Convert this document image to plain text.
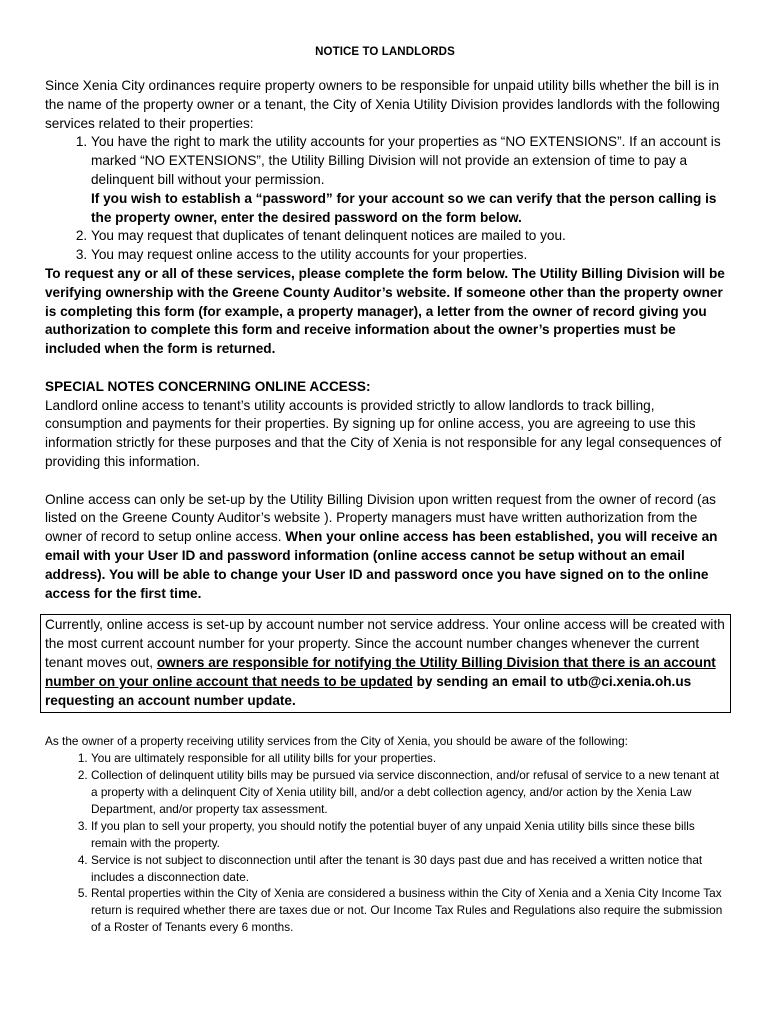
NOTICE TO LANDLORDS

Since Xenia City ordinances require property owners to be responsible for unpaid utility bills whether the bill is in the name of the property owner or a tenant, the City of Xenia Utility Division provides landlords with the following services related to their properties:

1. You have the right to mark the utility accounts for your properties as “NO EXTENSIONS”. If an account is marked “NO EXTENSIONS”, the Utility Billing Division will not provide an extension of time to pay a delinquent bill without your permission.
If you wish to establish a “password” for your account so we can verify that the person calling is the property owner, enter the desired password on the form below.
2. You may request that duplicates of tenant delinquent notices are mailed to you.
3. You may request online access to the utility accounts for your properties.

To request any or all of these services, please complete the form below. The Utility Billing Division will be verifying ownership with the Greene County Auditor’s website. If someone other than the property owner is completing this form (for example, a property manager), a letter from the owner of record giving you authorization to complete this form and receive information about the owner’s properties must be included when the form is returned.

SPECIAL NOTES CONCERNING ONLINE ACCESS:

Landlord online access to tenant’s utility accounts is provided strictly to allow landlords to track billing, consumption and payments for their properties. By signing up for online access, you are agreeing to use this information strictly for these purposes and that the City of Xenia is not responsible for any legal consequences of providing this information.

Online access can only be set-up by the Utility Billing Division upon written request from the owner of record (as listed on the Greene County Auditor’s website ). Property managers must have written authorization from the owner of record to setup online access. When your online access has been established, you will receive an email with your User ID and password information (online access cannot be setup without an email address). You will be able to change your User ID and password once you have signed on to the online access for the first time.

Currently, online access is set-up by account number not service address. Your online access will be created with the most current account number for your property. Since the account number changes whenever the current tenant moves out, owners are responsible for notifying the Utility Billing Division that there is an account number on your online account that needs to be updated by sending an email to utb@ci.xenia.oh.us requesting an account number update.

As the owner of a property receiving utility services from the City of Xenia, you should be aware of the following:

1. You are ultimately responsible for all utility bills for your properties.
2. Collection of delinquent utility bills may be pursued via service disconnection, and/or refusal of service to a new tenant at a property with a delinquent City of Xenia utility bill, and/or a debt collection agency, and/or action by the Xenia Law Department, and/or property tax assessment.
3. If you plan to sell your property, you should notify the potential buyer of any unpaid Xenia utility bills since these bills remain with the property.
4. Service is not subject to disconnection until after the tenant is 30 days past due and has received a written notice that includes a disconnection date.
5. Rental properties within the City of Xenia are considered a business within the City of Xenia and a Xenia City Income Tax return is required whether there are taxes due or not. Our Income Tax Rules and Regulations also require the submission of a Roster of Tenants every 6 months.
